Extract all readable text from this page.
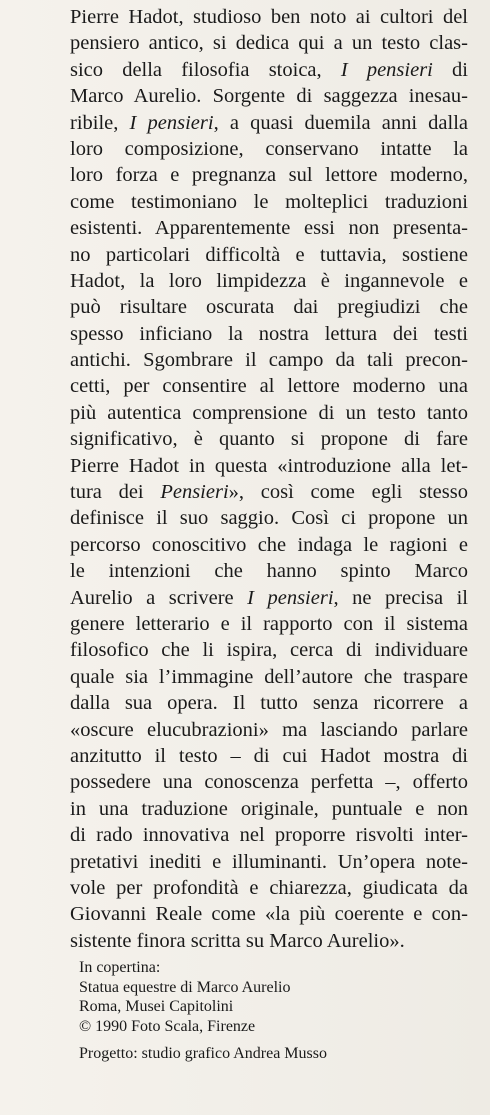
Pierre Hadot, studioso ben noto ai cultori del
pensiero antico, si dedica qui a un testo clas-
sico della filosofia stoica, I pensieri di
Marco Aurelio. Sorgente di saggezza inesau-
ribile, I pensieri, a quasi duemila anni dalla
loro composizione, conservano intatte la
loro forza e pregnanza sul lettore moderno,
come testimoniano le molteplici traduzioni
esistenti. Apparentemente essi non presenta-
no particolari difficoltà e tuttavia, sostiene
Hadot, la loro limpidezza è ingannevole e
può risultare oscurata dai pregiudizi che
spesso inficiano la nostra lettura dei testi
antichi. Sgombrare il campo da tali precon-
cetti, per consentire al lettore moderno una
più autentica comprensione di un testo tanto
significativo, è quanto si propone di fare
Pierre Hadot in questa «introduzione alla let-
tura dei Pensieri», così come egli stesso
definisce il suo saggio. Così ci propone un
percorso conoscitivo che indaga le ragioni e
le intenzioni che hanno spinto Marco
Aurelio a scrivere I pensieri, ne precisa il
genere letterario e il rapporto con il sistema
filosofico che li ispira, cerca di individuare
quale sia l’immagine dell’autore che traspare
dalla sua opera. Il tutto senza ricorrere a
«oscure elucubrazioni» ma lasciando parlare
anzitutto il testo – di cui Hadot mostra di
possedere una conoscenza perfetta –, offerto
in una traduzione originale, puntuale e non
di rado innovativa nel proporre risvolti inter-
pretativi inediti e illuminanti. Un’opera note-
vole per profondità e chiarezza, giudicata da
Giovanni Reale come «la più coerente e con-
sistente finora scritta su Marco Aurelio».
In copertina:
Statua equestre di Marco Aurelio
Roma, Musei Capitolini
© 1990 Foto Scala, Firenze
Progetto: studio grafico Andrea Musso
